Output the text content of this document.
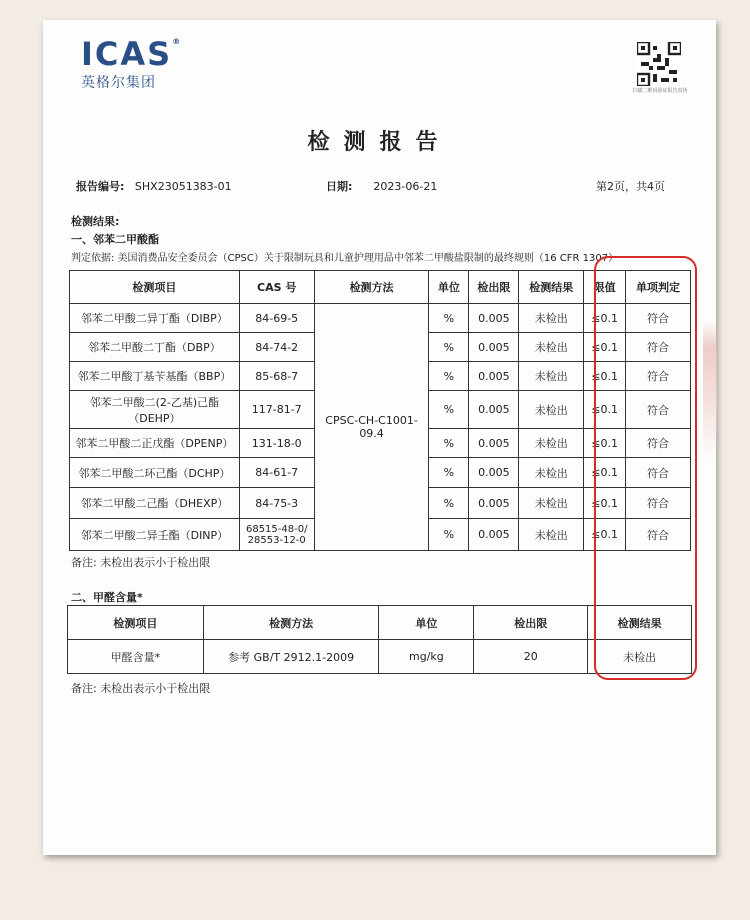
ICAS®
英格尔集团	扫描二维码验证报告真伪
检测报告
报告编号: SHX23051383-01	日期: 2023-06-21	第2页，共4页
检测结果:
一、邻苯二甲酸酯
判定依据: 美国消费品安全委员会（CPSC）关于限制玩具和儿童护理用品中邻苯二甲酸盐限制的最终规则（16 CFR 1307）
检测项目	CAS 号	检测方法	单位	检出限	检测结果	限值	单项判定
邻苯二甲酸二异丁酯（DIBP）	84-69-5	CPSC-CH-C1001-09.4	%	0.005	未检出	≤0.1	符合
邻苯二甲酸二丁酯（DBP）	84-74-2		%	0.005	未检出	≤0.1	符合
邻苯二甲酸丁基苄基酯（BBP）	85-68-7		%	0.005	未检出	≤0.1	符合
邻苯二甲酸二(2-乙基)己酯（DEHP）	117-81-7		%	0.005	未检出	≤0.1	符合
邻苯二甲酸二正戊酯（DPENP）	131-18-0		%	0.005	未检出	≤0.1	符合
邻苯二甲酸二环己酯（DCHP）	84-61-7		%	0.005	未检出	≤0.1	符合
邻苯二甲酸二己酯（DHEXP）	84-75-3		%	0.005	未检出	≤0.1	符合
邻苯二甲酸二异壬酯（DINP）	68515-48-0/ 28553-12-0		%	0.005	未检出	≤0.1	符合
备注: 未检出表示小于检出限
二、甲醛含量*
检测项目	检测方法	单位	检出限	检测结果
甲醛含量*	参考 GB/T 2912.1-2009	mg/kg	20	未检出
备注: 未检出表示小于检出限
